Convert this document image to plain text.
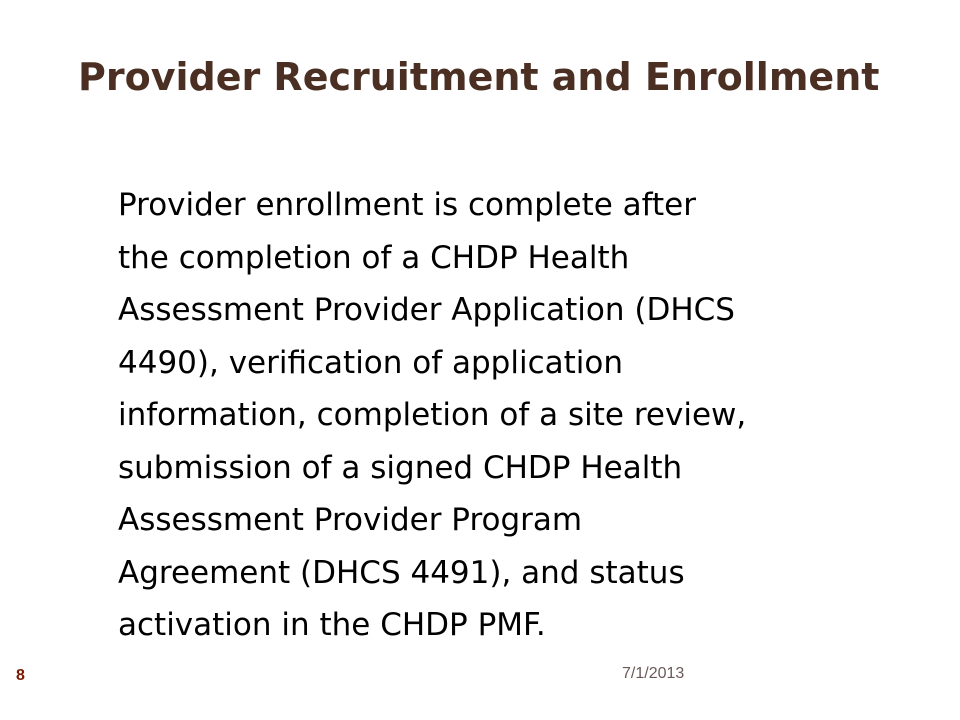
Provider Recruitment and Enrollment

Provider enrollment is complete after
the completion of a CHDP Health
Assessment Provider Application (DHCS
4490), verification of application
information, completion of a site review,
submission of a signed CHDP Health
Assessment Provider Program
Agreement (DHCS 4491), and status
activation in the CHDP PMF.

8	7/1/2013
